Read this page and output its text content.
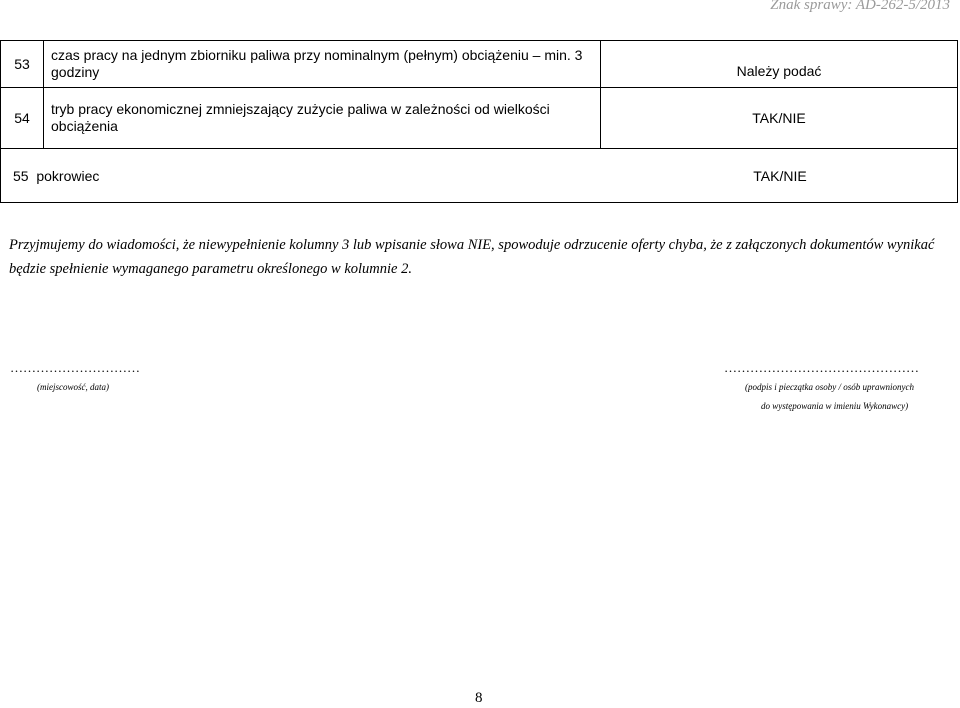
Znak sprawy: AD-262-5/2013
53	czas pracy na jednym zbiorniku paliwa przy nominalnym (pełnym) obciążeniu – min. 3 godziny	Należy podać
54	tryb pracy ekonomicznej zmniejszający zużycie paliwa w zależności od wielkości obciążenia	TAK/NIE

55 pokrowiec TAK/NIE		
Przyjmujemy do wiadomości, że niewypełnienie kolumny 3 lub wpisanie słowa NIE, spowoduje odrzucenie oferty chyba, że z załączonych dokumentów wynikać będzie spełnienie wymaganego parametru określonego w kolumnie 2.
…………………………
(miejscowość, data)
………………………………………
(podpis i pieczątka osoby / osób uprawnionych
do występowania w imieniu Wykonawcy)
8
